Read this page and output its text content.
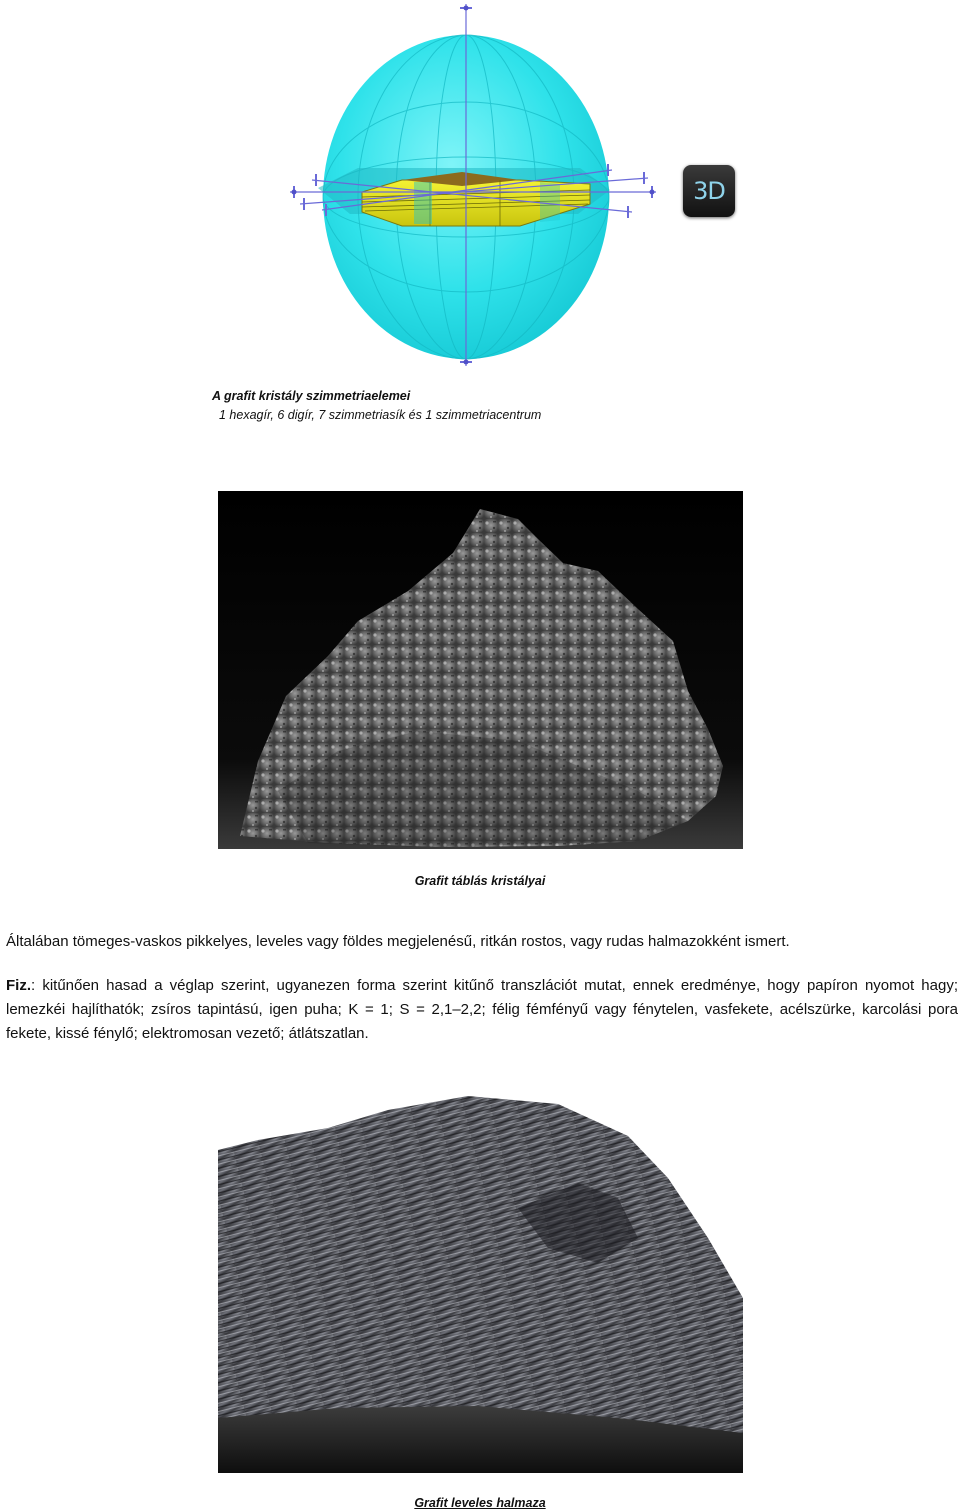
3D
A grafit kristály szimmetriaelemei
1 hexagír, 6 digír, 7 szimmetriasík és 1 szimmetriacentrum
Grafit táblás kristályai
Általában tömeges-vaskos pikkelyes, leveles vagy földes megjelenésű, ritkán rostos, vagy rudas halmazokként ismert.
Fiz.: kitűnően hasad a véglap szerint, ugyanezen forma szerint kitűnő transzlációt mutat, ennek eredménye, hogy papíron nyomot hagy; lemezkéi hajlíthatók; zsíros tapintású, igen puha; K = 1; S = 2,1–2,2; félig fémfényű vagy fénytelen, vasfekete, acélszürke, karcolási pora fekete, kissé fénylő; elektromosan vezető; átlátszatlan.
Grafit leveles halmaza
